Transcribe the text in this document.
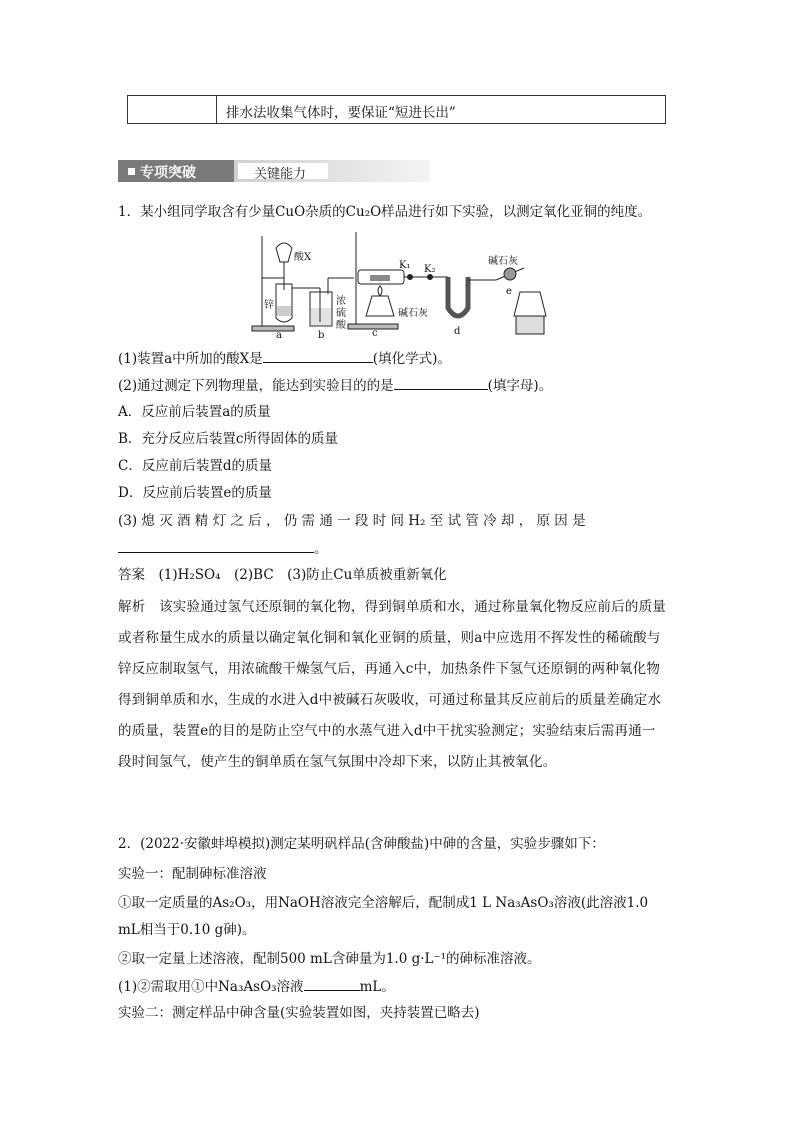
排水法收集气体时，要保证“短进长出”
专项突破	关键能力
1．某小组同学取含有少量CuO杂质的Cu₂O样品进行如下实验，以测定氧化亚铜的纯度。
酸X
锌	浓
硫
酸
K₁ K₂
碱石灰
碱石灰
a	b	c	d
e
(1)装置a中所加的酸X是	(填化学式)。
(2)通过测定下列物理量，能达到实验目的的是	(填字母)。
A．反应前后装置a的质量
B．充分反应后装置c所得固体的质量
C．反应前后装置d的质量
D．反应前后装置e的质量
(3) 熄 灭 酒 精 灯 之 后 ， 仍 需 通 一 段 时 间 H₂ 至 试 管 冷 却 ， 原 因 是
。
答案　(1)H₂SO₄　(2)BC　(3)防止Cu单质被重新氧化
解析　该实验通过氢气还原铜的氧化物，得到铜单质和水，通过称量氧化物反应前后的质量
或者称量生成水的质量以确定氧化铜和氧化亚铜的质量，则a中应选用不挥发性的稀硫酸与
锌反应制取氢气，用浓硫酸干燥氢气后，再通入c中，加热条件下氢气还原铜的两种氧化物
得到铜单质和水，生成的水进入d中被碱石灰吸收，可通过称量其反应前后的质量差确定水
的质量，装置e的目的是防止空气中的水蒸气进入d中干扰实验测定；实验结束后需再通一
段时间氢气，使产生的铜单质在氢气氛围中冷却下来，以防止其被氧化。
2．(2022·安徽蚌埠模拟)测定某明矾样品(含砷酸盐)中砷的含量，实验步骤如下：
实验一：配制砷标准溶液
①取一定质量的As₂O₃，用NaOH溶液完全溶解后，配制成1 L Na₃AsO₃溶液(此溶液1.0
mL相当于0.10 g砷)。
②取一定量上述溶液，配制500 mL含砷量为1.0 g·L⁻¹的砷标准溶液。
(1)②需取用①中Na₃AsO₃溶液	mL。
实验二：测定样品中砷含量(实验装置如图，夹持装置已略去)
